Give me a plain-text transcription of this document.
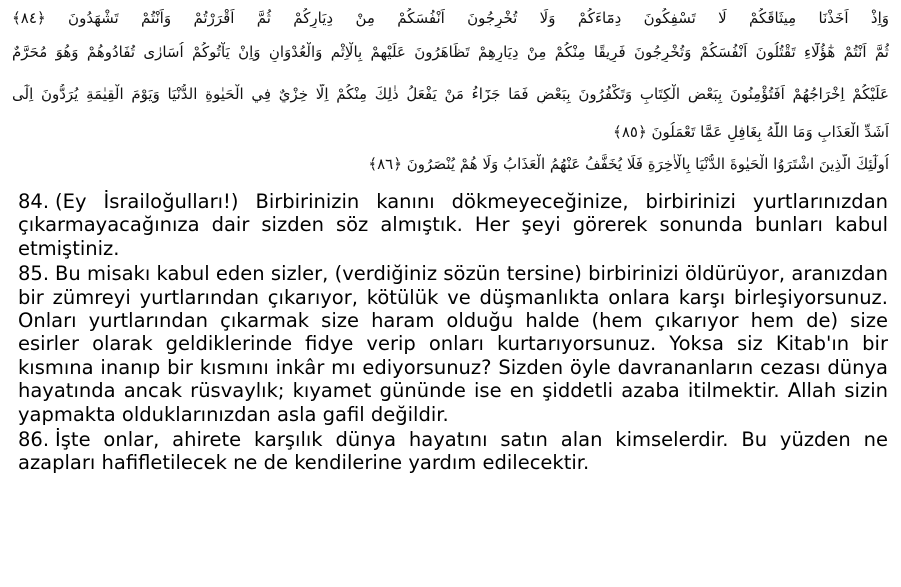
وَاِذْ اَخَذْنَا مِيثَاقَكُمْ لَا تَسْفِكُونَ دِمَٓاءَكُمْ وَلَا تُخْرِجُونَ اَنْفُسَكُمْ مِنْ دِيَارِكُمْ ثُمَّ اَقْرَرْتُمْ وَاَنْتُمْ تَشْهَدُونَ ﴿٨٤﴾
ثُمَّ اَنْتُمْ هٰٓؤُلَٓاءِ تَقْتُلُونَ اَنْفُسَكُمْ وَتُخْرِجُونَ فَرِيقًا مِنْكُمْ مِنْ دِيَارِهِمْ تَظَاهَرُونَ عَلَيْهِمْ بِالْاِثْمِ وَالْعُدْوَانِ وَاِنْ يَاْتُوكُمْ اُسَارٰى تُفَادُوهُمْ وَهُوَ مُحَرَّمٌ
عَلَيْكُمْ اِخْرَاجُهُمْ اَفَتُؤْمِنُونَ بِبَعْضِ الْكِتَابِ وَتَكْفُرُونَ بِبَعْضٍ فَمَا جَزَٓاءُ مَنْ يَفْعَلُ ذٰلِكَ مِنْكُمْ اِلَّا خِزْيٌ فِي الْحَيٰوةِ الدُّنْيَا وَيَوْمَ الْقِيٰمَةِ يُرَدُّونَ اِلٰٓى
اَشَدِّ الْعَذَابِ وَمَا اللّٰهُ بِغَافِلٍ عَمَّا تَعْمَلُونَ ﴿٨٥﴾
اُولٰٓئِكَ الَّذِينَ اشْتَرَوُا الْحَيٰوةَ الدُّنْيَا بِالْاٰخِرَةِ فَلَا يُخَفَّفُ عَنْهُمُ الْعَذَابُ وَلَا هُمْ يُنْصَرُونَ ﴿٨٦﴾

84. (Ey İsrailoğulları!) Birbirinizin kanını dökmeyeceğinize, birbirinizi yurtlarınızdan çıkarmayacağınıza dair sizden söz almıştık. Her şeyi görerek sonunda bunları kabul etmiştiniz.

85. Bu misakı kabul eden sizler, (verdiğiniz sözün tersine) birbirinizi öldürüyor, aranızdan bir zümreyi yurtlarından çıkarıyor, kötülük ve düşmanlıkta onlara karşı birleşiyorsunuz. Onları yurtlarından çıkarmak size haram olduğu halde (hem çıkarıyor hem de) size esirler olarak geldiklerinde fidye verip onları kurtarıyorsunuz. Yoksa siz Kitab'ın bir kısmına inanıp bir kısmını inkâr mı ediyorsunuz? Sizden öyle davrananların cezası dünya hayatında ancak rüsvaylık; kıyamet gününde ise en şiddetli azaba itilmektir. Allah sizin yapmakta olduklarınızdan asla gafil değildir.

86. İşte onlar, ahirete karşılık dünya hayatını satın alan kimselerdir. Bu yüzden ne azapları hafifletilecek ne de kendilerine yardım edilecektir.
